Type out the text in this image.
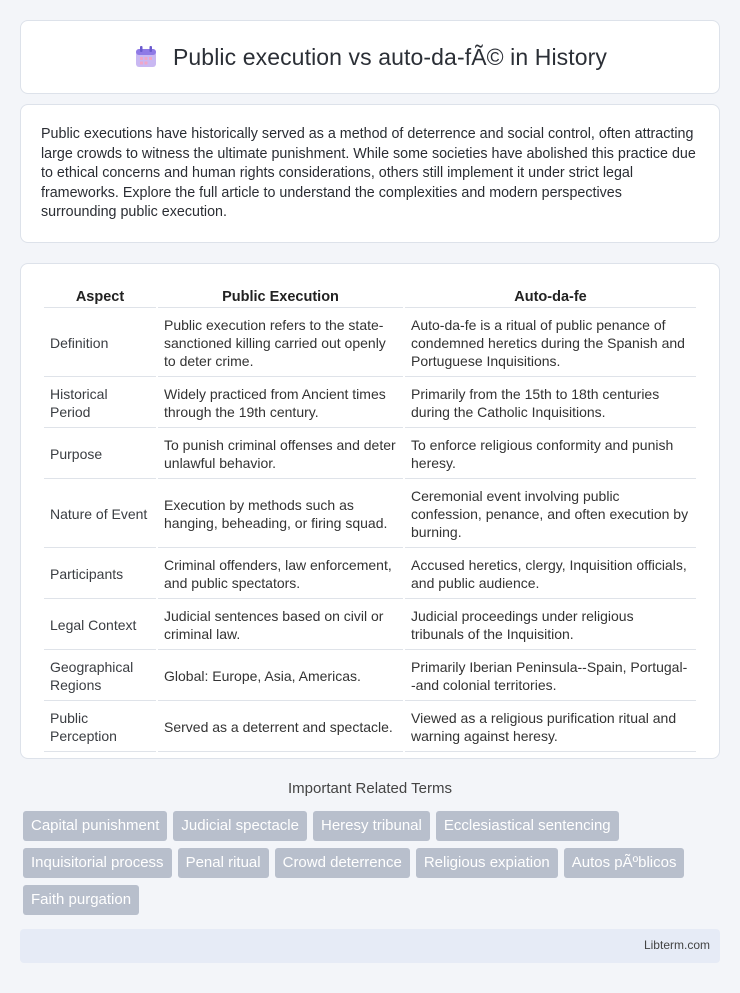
Public execution vs auto-da-fÃ© in History

Public executions have historically served as a method of deterrence and social control, often attracting large crowds to witness the ultimate punishment. While some societies have abolished this practice due to ethical concerns and human rights considerations, others still implement it under strict legal frameworks. Explore the full article to understand the complexities and modern perspectives surrounding public execution.

Aspect	Public Execution	Auto-da-fe
Definition	Public execution refers to the state-sanctioned killing carried out openly to deter crime.	Auto-da-fe is a ritual of public penance of condemned heretics during the Spanish and Portuguese Inquisitions.
Historical Period	Widely practiced from Ancient times through the 19th century.	Primarily from the 15th to 18th centuries during the Catholic Inquisitions.
Purpose	To punish criminal offenses and deter unlawful behavior.	To enforce religious conformity and punish heresy.
Nature of Event	Execution by methods such as hanging, beheading, or firing squad.	Ceremonial event involving public confession, penance, and often execution by burning.
Participants	Criminal offenders, law enforcement, and public spectators.	Accused heretics, clergy, Inquisition officials, and public audience.
Legal Context	Judicial sentences based on civil or criminal law.	Judicial proceedings under religious tribunals of the Inquisition.
Geographical Regions	Global: Europe, Asia, Americas.	Primarily Iberian Peninsula--Spain, Portugal--and colonial territories.
Public Perception	Served as a deterrent and spectacle.	Viewed as a religious purification ritual and warning against heresy.
Important Related Terms
Capital punishment	Judicial spectacle	Heresy tribunal	Ecclesiastical sentencing
Inquisitorial process	Penal ritual	Crowd deterrence	Religious expiation	Autos pÃºblicos
Faith purgation
Libterm.com
